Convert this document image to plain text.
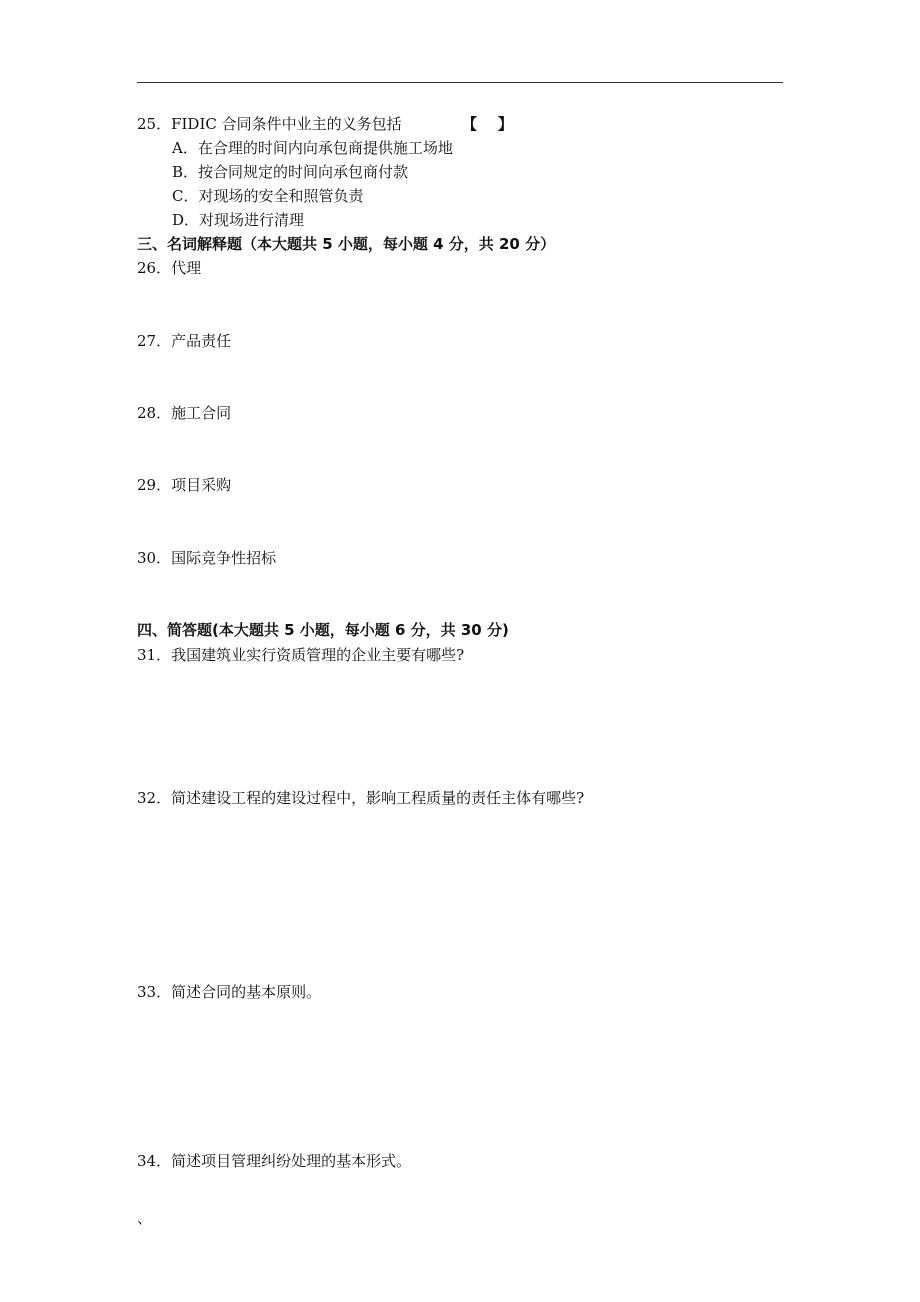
25．FIDIC 合同条件中业主的义务包括	【    】
A．在合理的时间内向承包商提供施工场地
B．按合同规定的时间向承包商付款
C．对现场的安全和照管负责
D．对现场进行清理
三、名词解释题（本大题共 5 小题，每小题 4 分，共 20 分）
26．代理
27．产品责任
28．施工合同
29．项目采购
30．国际竞争性招标
四、简答题(本大题共 5 小题，每小题 6 分，共 30 分)
31．我国建筑业实行资质管理的企业主要有哪些?
32．简述建设工程的建设过程中，影响工程质量的责任主体有哪些?
33．简述合同的基本原则。
34．简述项目管理纠纷处理的基本形式。
、
